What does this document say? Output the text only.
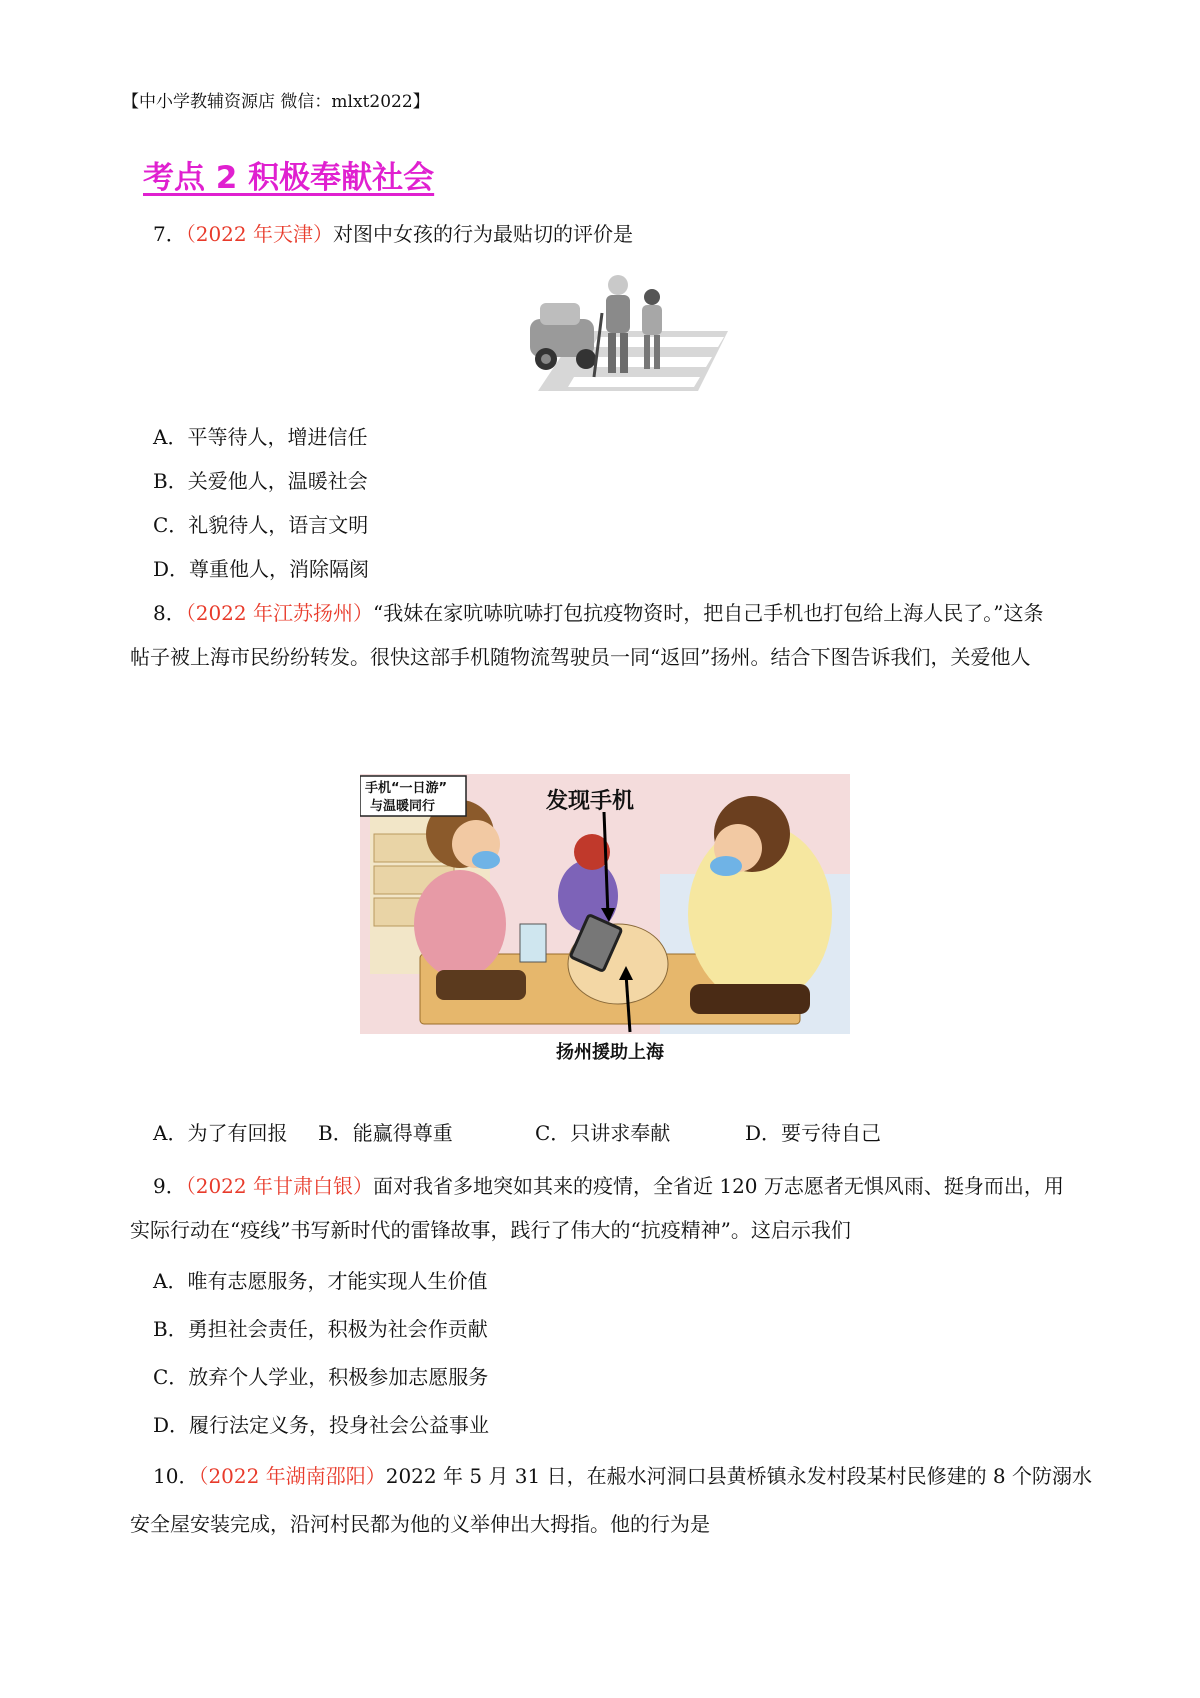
【中小学教辅资源店 微信：mlxt2022】
考点 2 积极奉献社会
7．（2022 年天津）对图中女孩的行为最贴切的评价是
A．平等待人，增进信任
B．关爱他人，温暖社会
C．礼貌待人，语言文明
D．尊重他人，消除隔阂
8．（2022 年江苏扬州）“我妹在家吭哧吭哧打包抗疫物资时，把自己手机也打包给上海人民了。”这条
帖子被上海市民纷纷转发。很快这部手机随物流驾驶员一同“返回”扬州。结合下图告诉我们，关爱他人
手机“一日游”
与温暖同行	发现手机
扬州援助上海
A．为了有回报 B．能赢得尊重	C．只讲求奉献	D．要亏待自己
9．（2022 年甘肃白银）面对我省多地突如其来的疫情，全省近 120 万志愿者无惧风雨、挺身而出，用
实际行动在“疫线”书写新时代的雷锋故事，践行了伟大的“抗疫精神”。这启示我们
A．唯有志愿服务，才能实现人生价值
B．勇担社会责任，积极为社会作贡献
C．放弃个人学业，积极参加志愿服务
D．履行法定义务，投身社会公益事业
10．（2022 年湖南邵阳）2022 年 5 月 31 日，在赧水河洞口县黄桥镇永发村段某村民修建的 8 个防溺水
安全屋安装完成，沿河村民都为他的义举伸出大拇指。他的行为是
